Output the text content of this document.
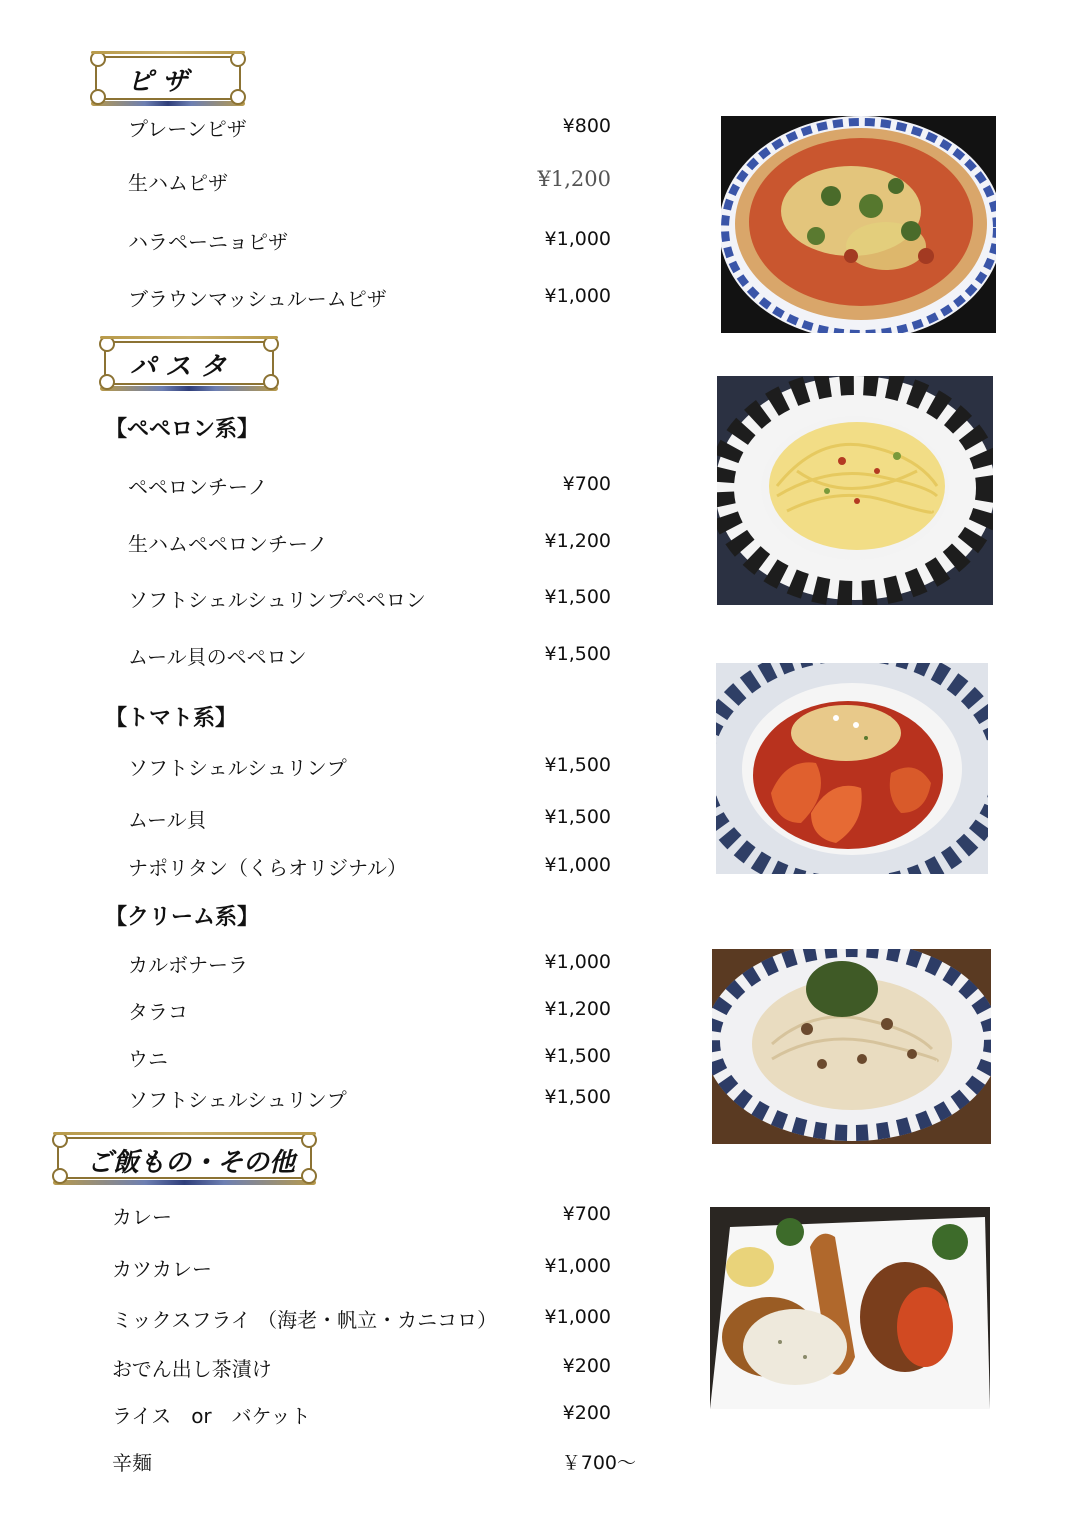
ピ ザ
プレーンピザ	¥800
生ハムピザ	¥1,200
ハラペーニョピザ	¥1,000
ブラウンマッシュルームピザ	¥1,000
パ ス タ
【ペペロン系】
ペペロンチーノ	¥700
生ハムペペロンチーノ	¥1,200
ソフトシェルシュリンプペペロン	¥1,500
ムール貝のペペロン	¥1,500
【トマト系】
ソフトシェルシュリンプ	¥1,500
ムール貝	¥1,500
ナポリタン（くらオリジナル）	¥1,000
【クリーム系】
カルボナーラ	¥1,000
タラコ	¥1,200
ウニ	¥1,500
ソフトシェルシュリンプ	¥1,500
ご飯もの・その他
カレー	¥700
カツカレー	¥1,000
ミックスフライ （海老・帆立・カニコロ）	¥1,000
おでん出し茶漬け	¥200
ライス　or　バケット	¥200
辛麺	￥700～
